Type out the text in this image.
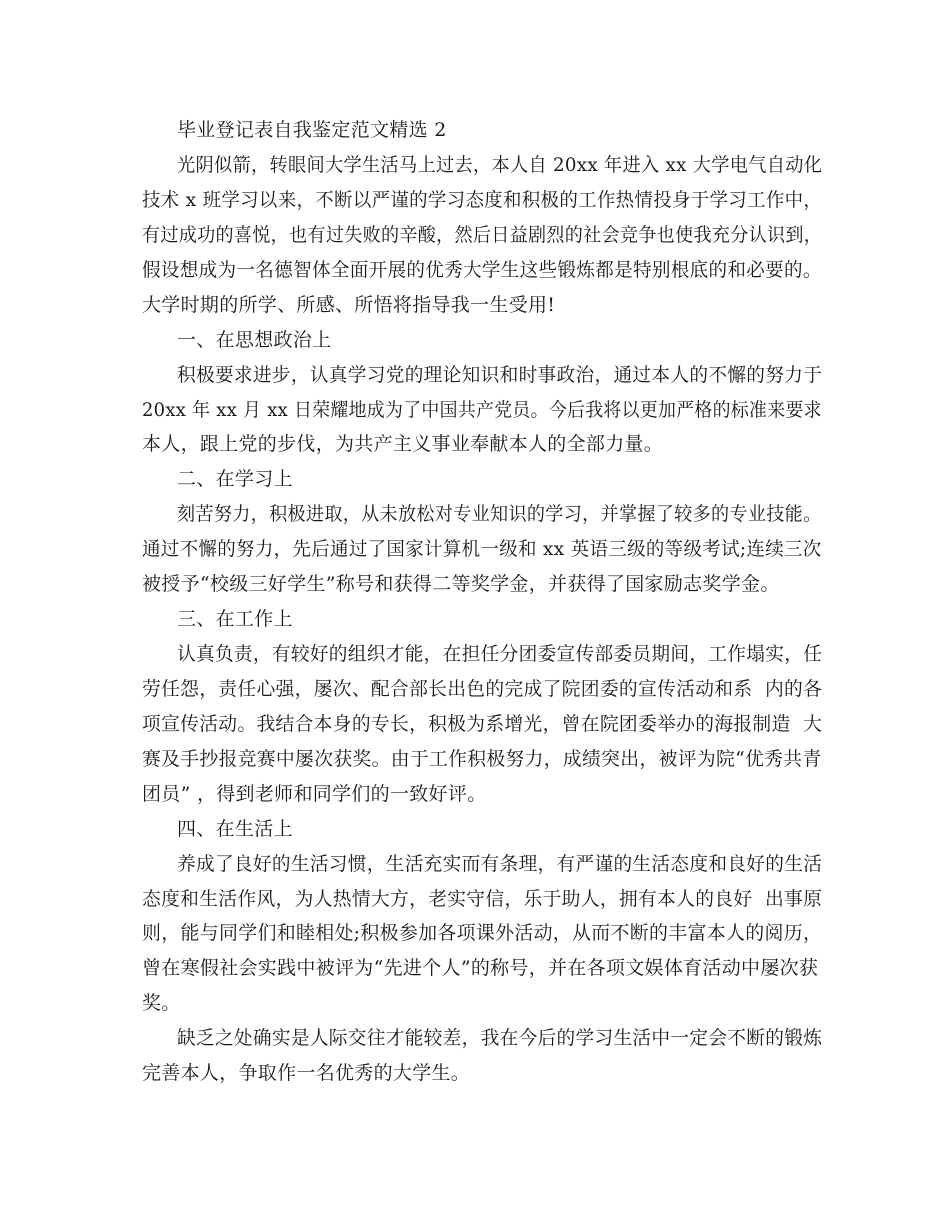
毕业登记表自我鉴定范文精选 2

光阴似箭，转眼间大学生活马上过去，本人自 20xx 年进入 xx 大学电气自动化

技术 x 班学习以来，不断以严谨的学习态度和积极的工作热情投身于学习工作中，

有过成功的喜悦，也有过失败的辛酸，然后日益剧烈的社会竞争也使我充分认识到，

假设想成为一名德智体全面开展的优秀大学生这些锻炼都是特别根底的和必要的。

大学时期的所学、所感、所悟将指导我一生受用!

一、在思想政治上

积极要求进步，认真学习党的理论知识和时事政治，通过本人的不懈的努力于

20xx 年 xx 月 xx 日荣耀地成为了中国共产党员。今后我将以更加严格的标准来要求

本人，跟上党的步伐，为共产主义事业奉献本人的全部力量。

二、在学习上

刻苦努力，积极进取，从未放松对专业知识的学习，并掌握了较多的专业技能。

通过不懈的努力，先后通过了国家计算机一级和 xx 英语三级的等级考试;连续三次

被授予“校级三好学生”称号和获得二等奖学金，并获得了国家励志奖学金。

三、在工作上

认真负责，有较好的组织才能，在担任分团委宣传部委员期间，工作塌实，任

劳任怨，责任心强，屡次、配合部长出色的完成了院团委的宣传活动和系  内的各

项宣传活动。我结合本身的专长，积极为系增光，曾在院团委举办的海报制造  大

赛及手抄报竞赛中屡次获奖。由于工作积极努力，成绩突出，被评为院“优秀共青

团员” ，得到老师和同学们的一致好评。

四、在生活上

养成了良好的生活习惯，生活充实而有条理，有严谨的生活态度和良好的生活

态度和生活作风，为人热情大方，老实守信，乐于助人，拥有本人的良好  出事原

则，能与同学们和睦相处;积极参加各项课外活动，从而不断的丰富本人的阅历，

曾在寒假社会实践中被评为“先进个人”的称号，并在各项文娱体育活动中屡次获

奖。

缺乏之处确实是人际交往才能较差，我在今后的学习生活中一定会不断的锻炼

完善本人，争取作一名优秀的大学生。
